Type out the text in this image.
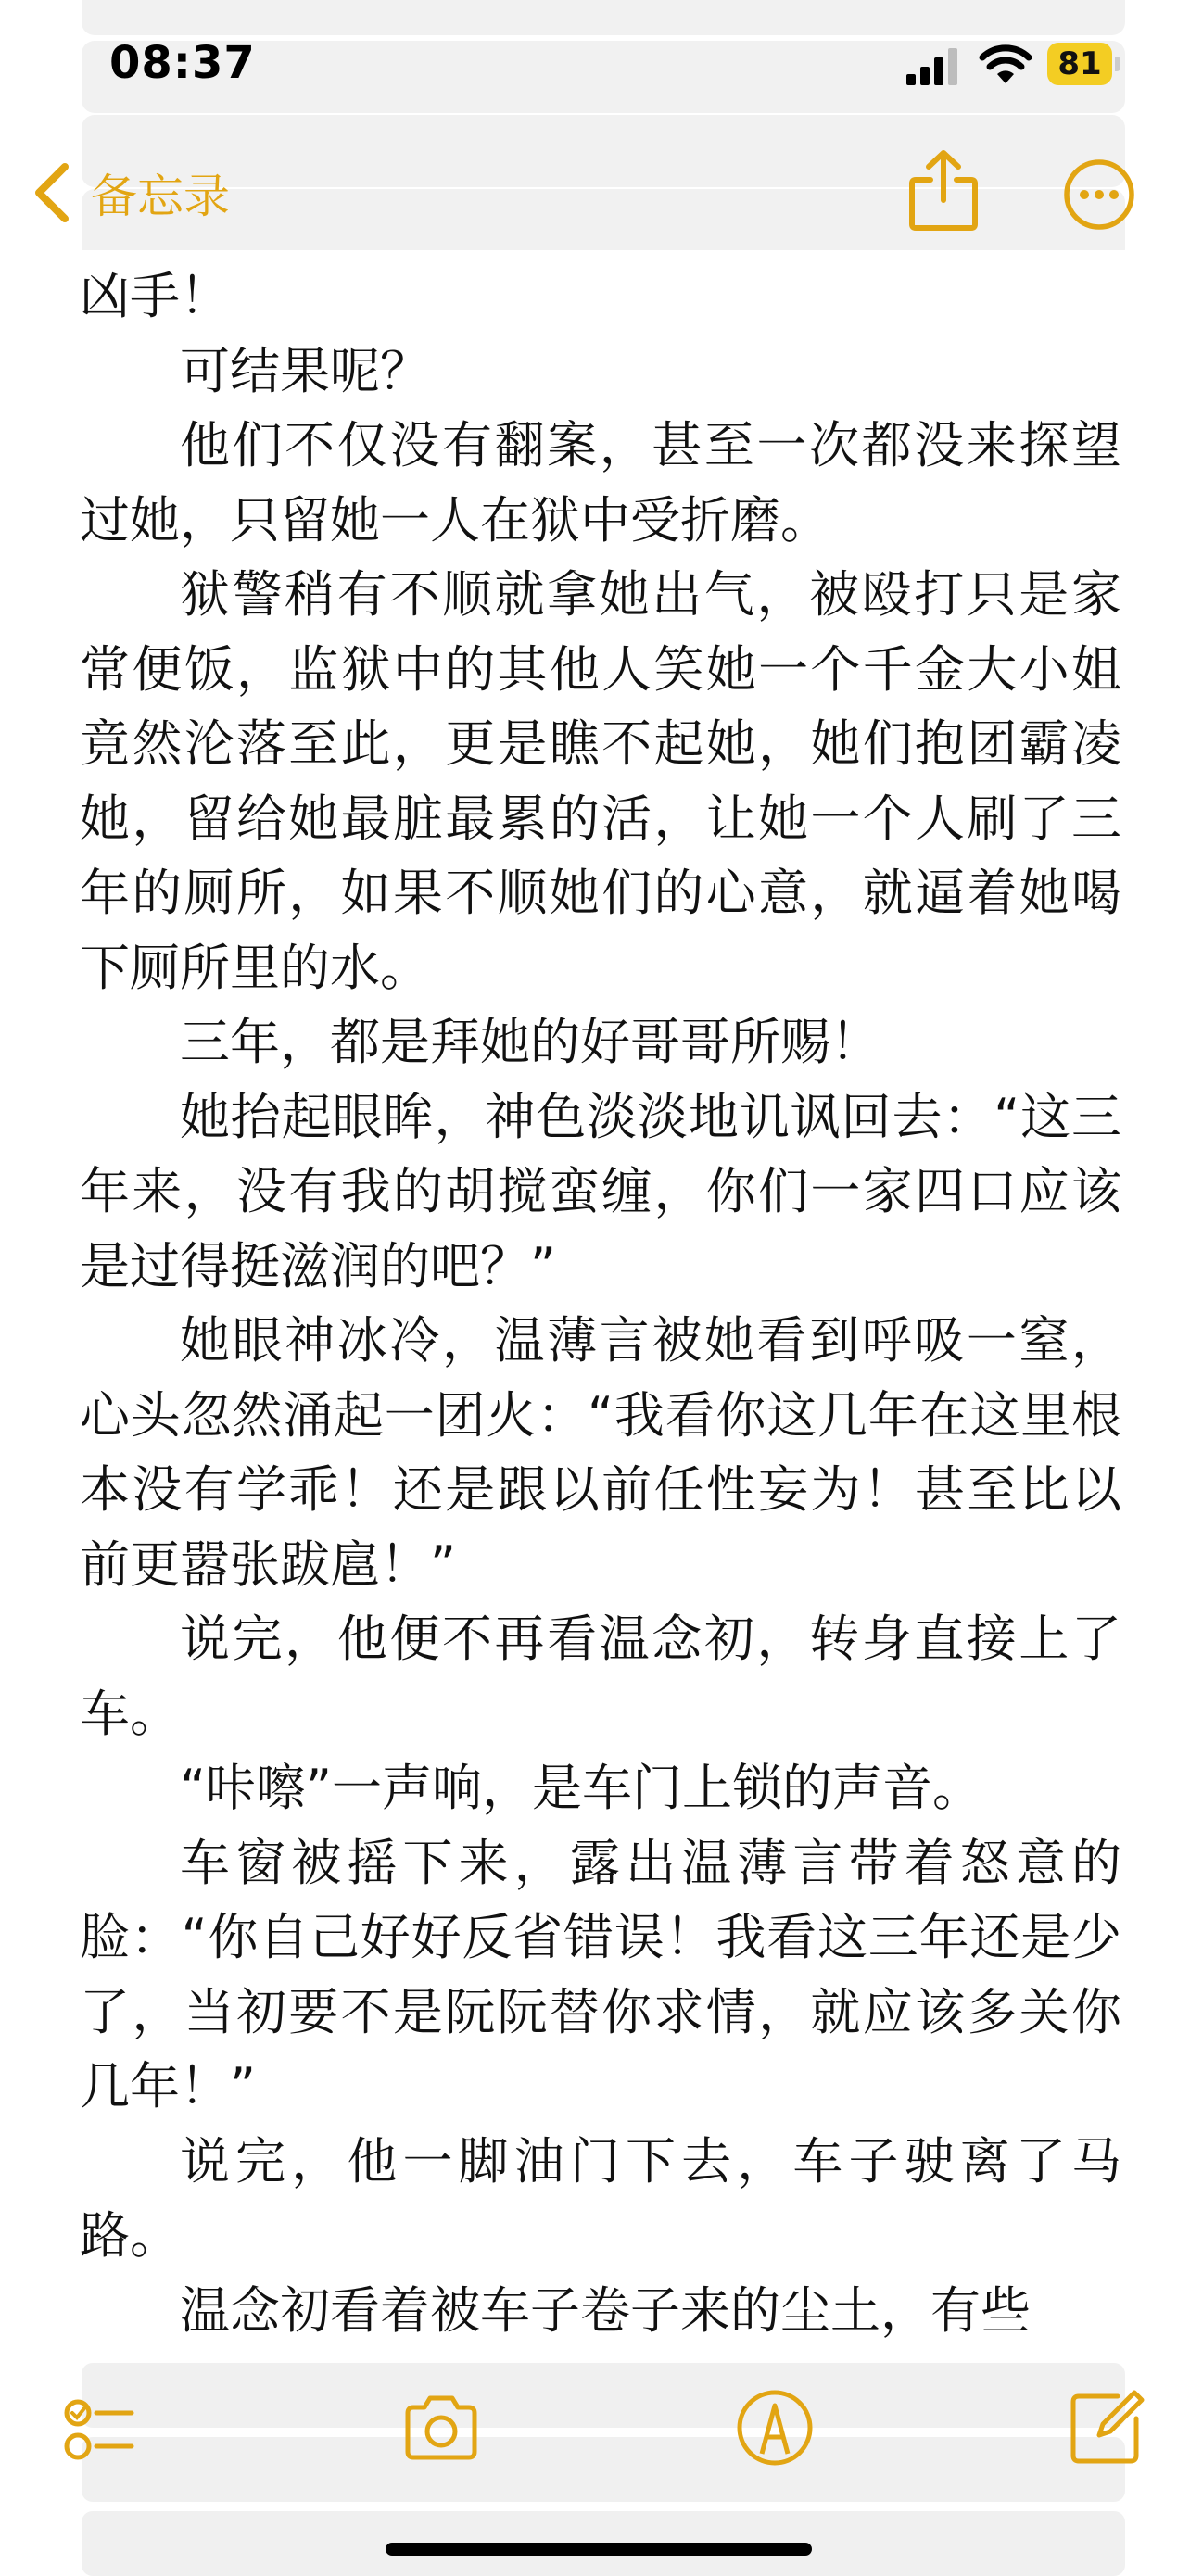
08:37	81
备忘录

凶手！

可结果呢？

他们不仅没有翻案，甚至一次都没来探望过她，只留她一人在狱中受折磨。

狱警稍有不顺就拿她出气，被殴打只是家常便饭，监狱中的其他人笑她一个千金大小姐竟然沦落至此，更是瞧不起她，她们抱团霸凌她，留给她最脏最累的活，让她一个人刷了三年的厕所，如果不顺她们的心意，就逼着她喝下厕所里的水。

三年，都是拜她的好哥哥所赐！

她抬起眼眸，神色淡淡地讥讽回去：“这三年来，没有我的胡搅蛮缠，你们一家四口应该是过得挺滋润的吧？”

她眼神冰冷，温薄言被她看到呼吸一窒，心头忽然涌起一团火：“我看你这几年在这里根本没有学乖！还是跟以前任性妄为！甚至比以前更嚣张跋扈！”

说完，他便不再看温念初，转身直接上了车。

“咔嚓”一声响，是车门上锁的声音。

车窗被摇下来，露出温薄言带着怒意的脸：“你自己好好反省错误！我看这三年还是少了，当初要不是阮阮替你求情，就应该多关你几年！”

说完，他一脚油门下去，车子驶离了马路。

温念初看着被车子卷子来的尘土，有些
